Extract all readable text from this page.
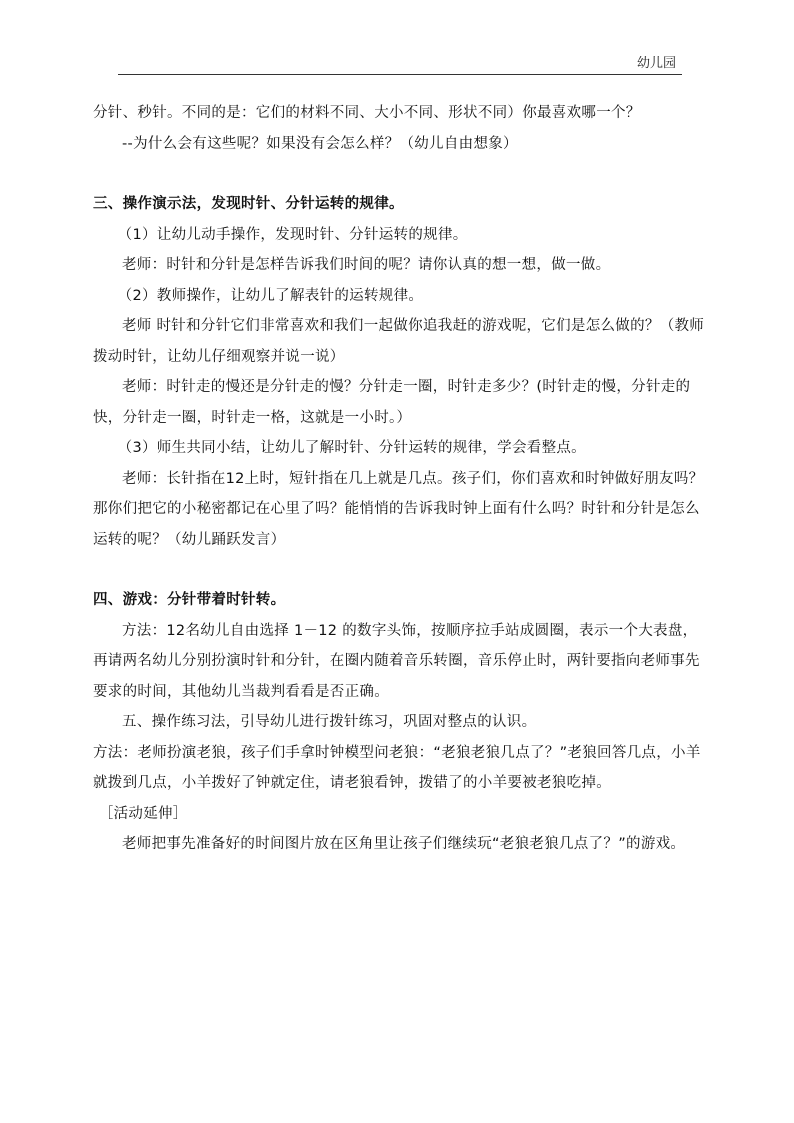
幼儿园

分针、秒针。不同的是：它们的材料不同、大小不同、形状不同）你最喜欢哪一个？

--为什么会有这些呢？如果没有会怎么样？（幼儿自由想象）

三、操作演示法，发现时针、分针运转的规律。

（1）让幼儿动手操作，发现时针、分针运转的规律。

老师：时针和分针是怎样告诉我们时间的呢？请你认真的想一想，做一做。

（2）教师操作，让幼儿了解表针的运转规律。

老师 时针和分针它们非常喜欢和我们一起做你追我赶的游戏呢，它们是怎么做的？（教师拨动时针，让幼儿仔细观察并说一说）

老师：时针走的慢还是分针走的慢？分针走一圈，时针走多少？(时针走的慢，分针走的快，分针走一圈，时针走一格，这就是一小时。）

（3）师生共同小结，让幼儿了解时针、分针运转的规律，学会看整点。

老师：长针指在12上时，短针指在几上就是几点。孩子们，你们喜欢和时钟做好朋友吗？那你们把它的小秘密都记在心里了吗？能悄悄的告诉我时钟上面有什么吗？时针和分针是怎么运转的呢？（幼儿踊跃发言）

四、游戏：分针带着时针转。

方法：12名幼儿自由选择 1－12 的数字头饰，按顺序拉手站成圆圈，表示一个大表盘，再请两名幼儿分别扮演时针和分针，在圈内随着音乐转圈，音乐停止时，两针要指向老师事先要求的时间，其他幼儿当裁判看看是否正确。

五、操作练习法，引导幼儿进行拨针练习，巩固对整点的认识。

方法：老师扮演老狼，孩子们手拿时钟模型问老狼：“老狼老狼几点了？”老狼回答几点，小羊就拨到几点，小羊拨好了钟就定住，请老狼看钟，拨错了的小羊要被老狼吃掉。

［活动延伸］

老师把事先准备好的时间图片放在区角里让孩子们继续玩“老狼老狼几点了？”的游戏。
